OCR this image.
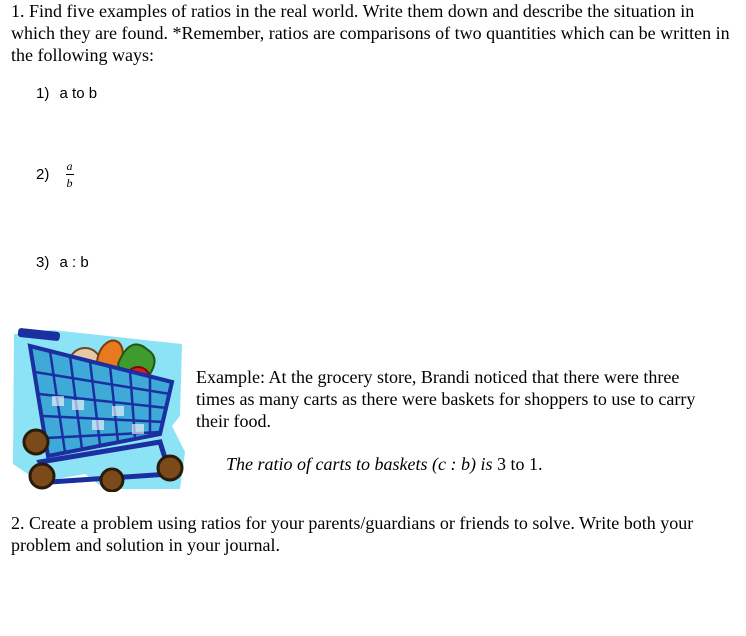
1. Find five examples of ratios in the real world. Write them down and describe the situation in which they are found. *Remember, ratios are comparisons of two quantities which can be written in the following ways:

1) a to b
$2) \frac{a}{b}$
3) a : b

Example: At the grocery store, Brandi noticed that there were three times as many carts as there were baskets for shoppers to use to carry their food.

The ratio of carts to baskets (c : b) is 3 to 1.

2. Create a problem using ratios for your parents/guardians or friends to solve. Write both your problem and solution in your journal.
